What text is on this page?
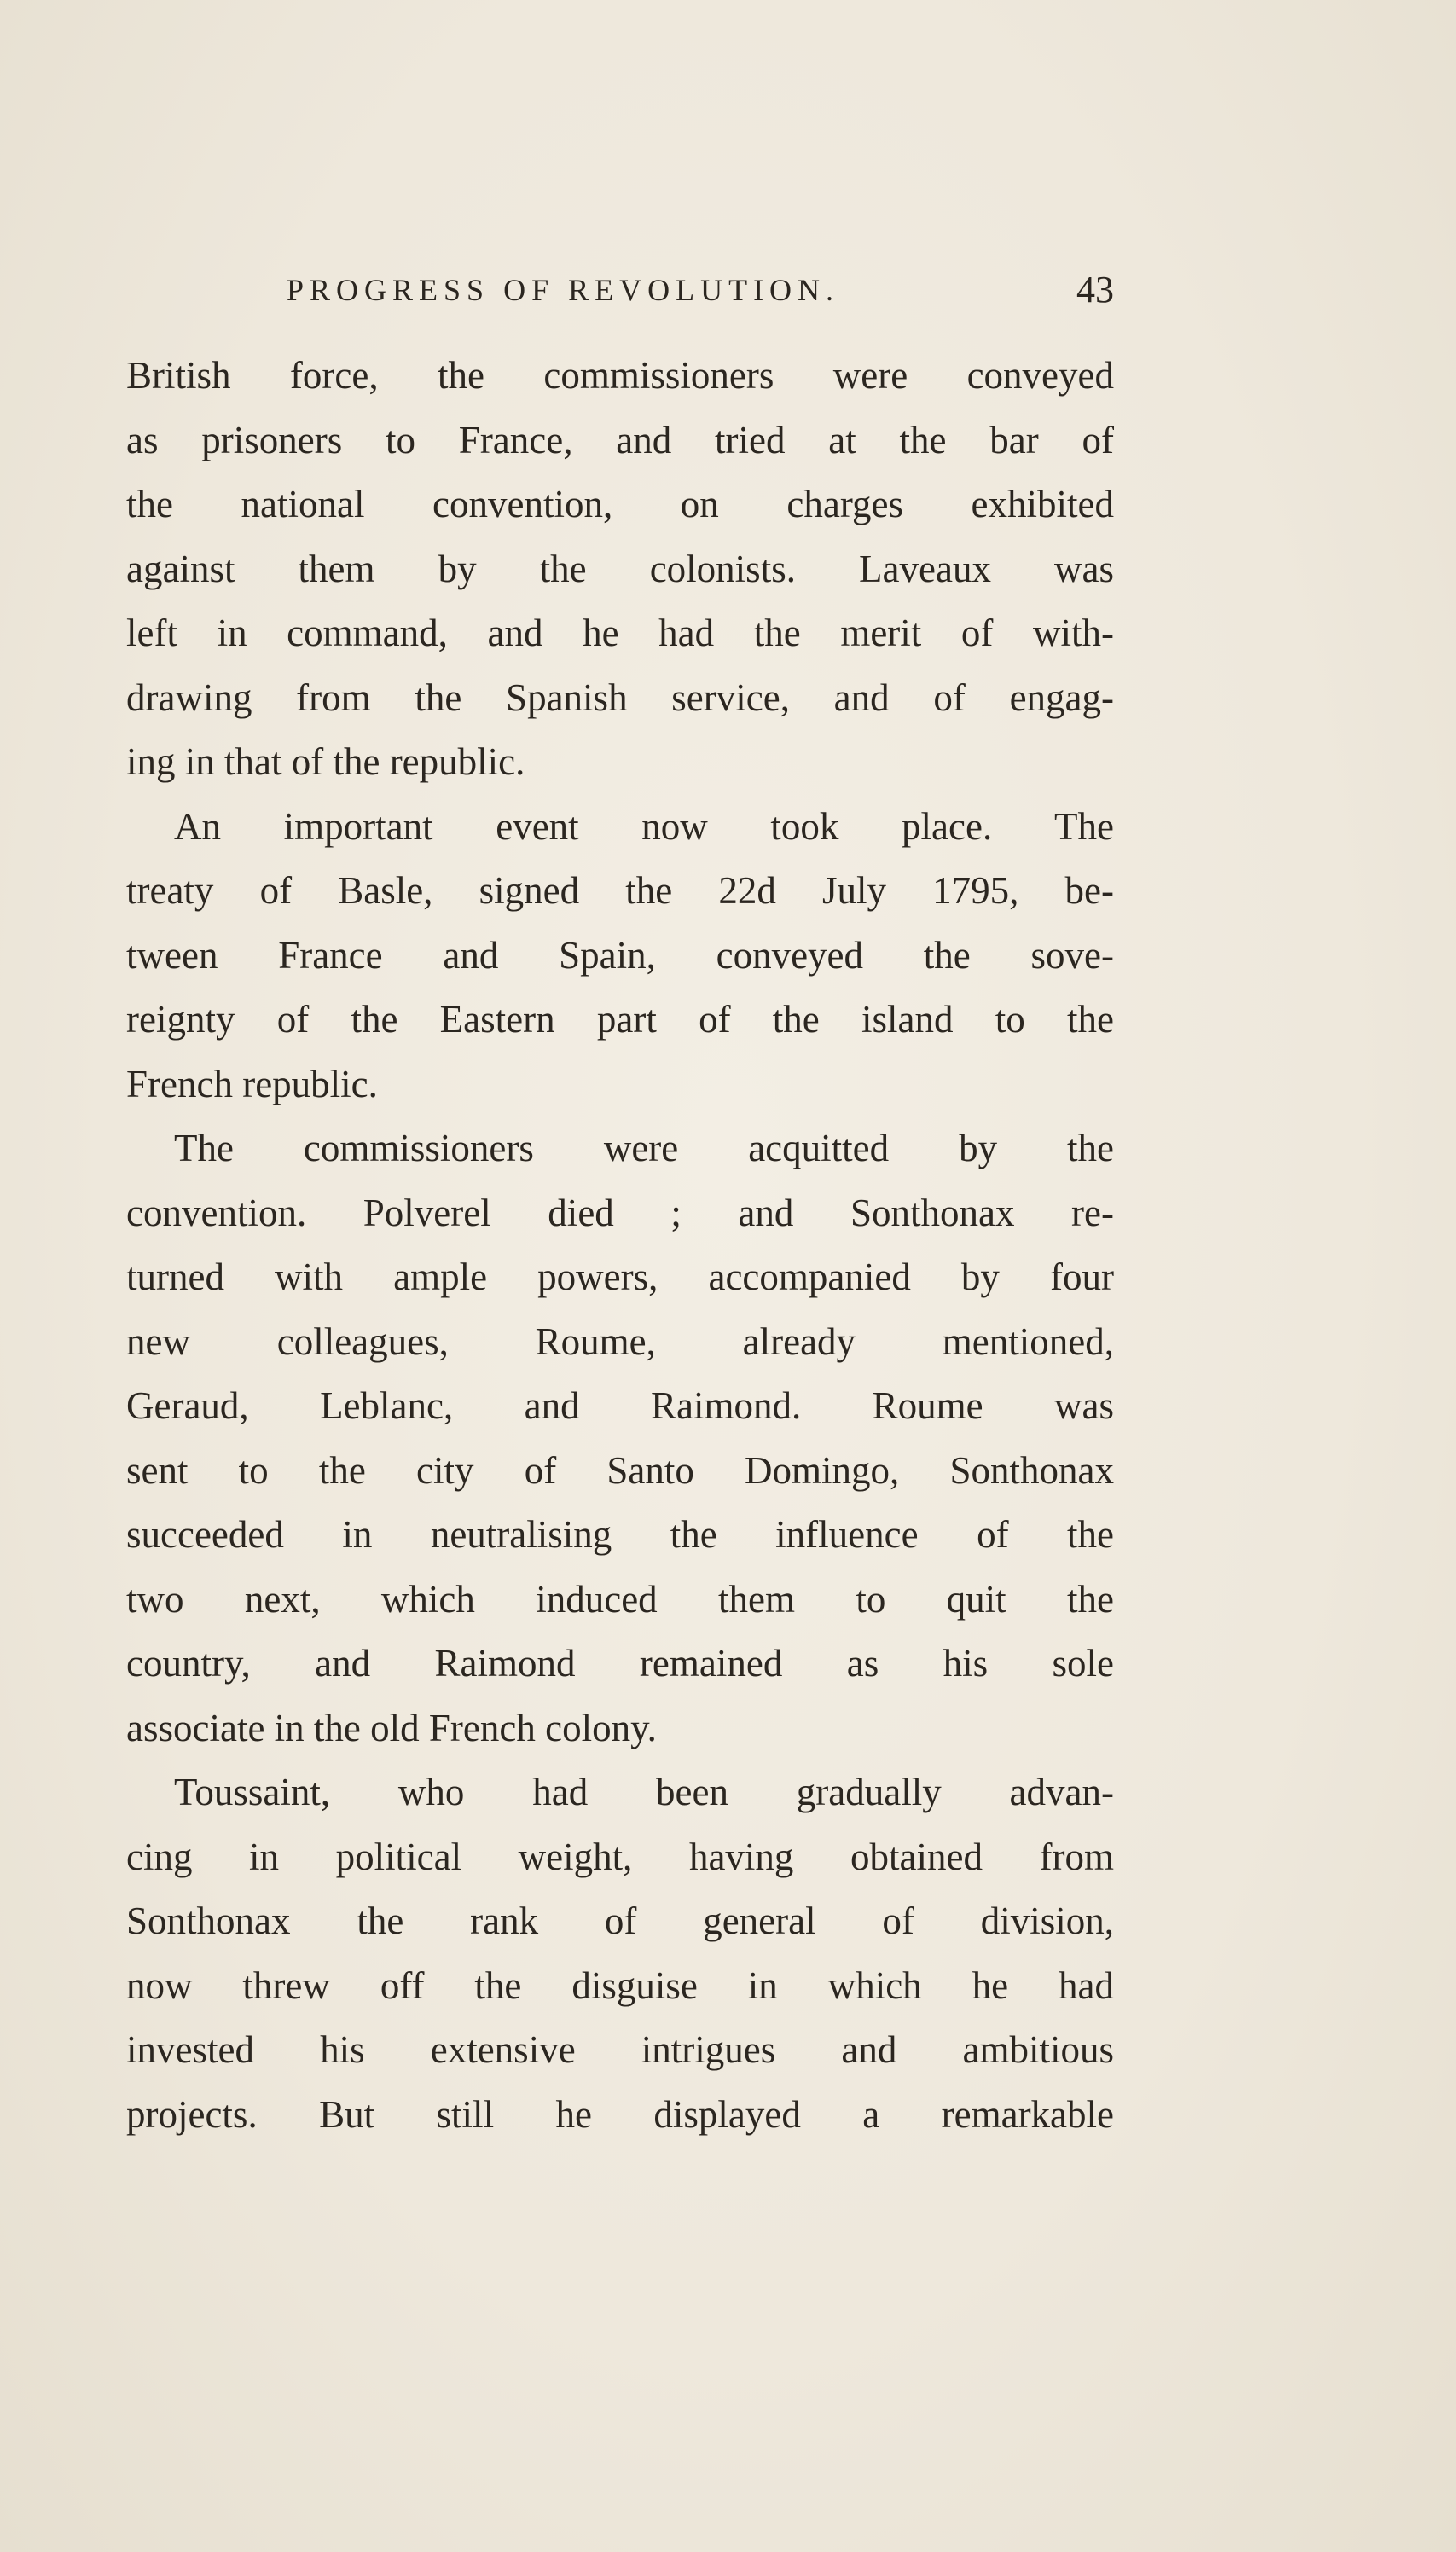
PROGRESS OF REVOLUTION.	43
British force, the commissioners were conveyed
as prisoners to France, and tried at the bar of
the national convention, on charges exhibited
against them by the colonists. Laveaux was
left in command, and he had the merit of with-
drawing from the Spanish service, and of engag-
ing in that of the republic.
An important event now took place. The
treaty of Basle, signed the 22d July 1795, be-
tween France and Spain, conveyed the sove-
reignty of the Eastern part of the island to the
French republic.
The commissioners were acquitted by the
convention. Polverel died ; and Sonthonax re-
turned with ample powers, accompanied by four
new colleagues, Roume, already mentioned,
Geraud, Leblanc, and Raimond. Roume was
sent to the city of Santo Domingo, Sonthonax
succeeded in neutralising the influence of the
two next, which induced them to quit the
country, and Raimond remained as his sole
associate in the old French colony.
Toussaint, who had been gradually advan-
cing in political weight, having obtained from
Sonthonax the rank of general of division,
now threw off the disguise in which he had
invested his extensive intrigues and ambitious
projects. But still he displayed a remarkable
